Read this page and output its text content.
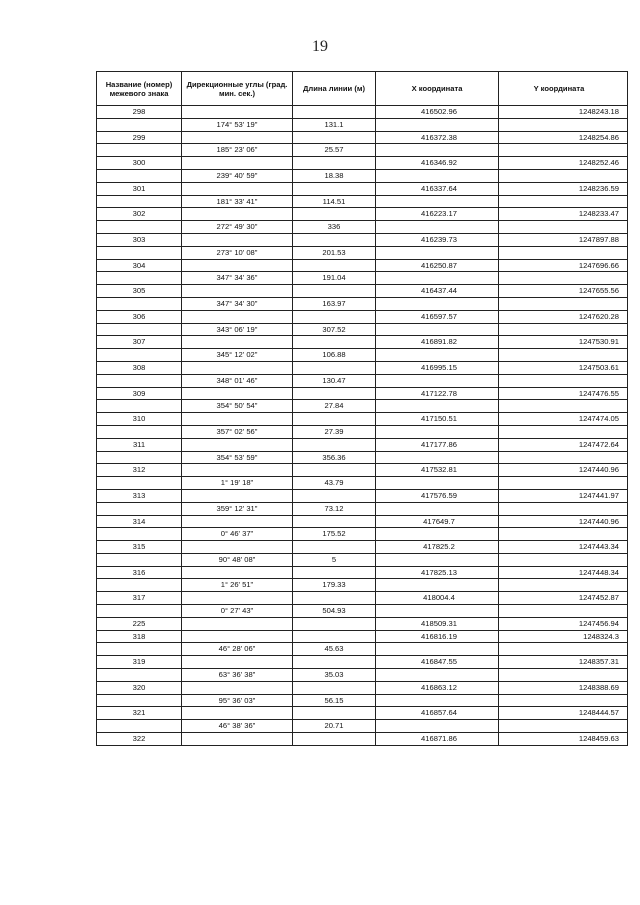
19
Название (номер) межевого знака	Дирекционные углы (град. мин. сек.)	Длина линии (м)	X координата	Y координата
298			416502.96	1248243.18
	174° 53' 19"	131.1		
299			416372.38	1248254.86
	185° 23' 06"	25.57		
300			416346.92	1248252.46
	239° 40' 59"	18.38		
301			416337.64	1248236.59
	181° 33' 41"	114.51		
302			416223.17	1248233.47
	272° 49' 30"	336		
303			416239.73	1247897.88
	273° 10' 08"	201.53		
304			416250.87	1247696.66
	347° 34' 36"	191.04		
305			416437.44	1247655.56
	347° 34' 30"	163.97		
306			416597.57	1247620.28
	343° 06' 19"	307.52		
307			416891.82	1247530.91
	345° 12' 02"	106.88		
308			416995.15	1247503.61
	348° 01' 46"	130.47		
309			417122.78	1247476.55
	354° 50' 54"	27.84		
310			417150.51	1247474.05
	357° 02' 56"	27.39		
311			417177.86	1247472.64
	354° 53' 59"	356.36		
312			417532.81	1247440.96
	1° 19' 18"	43.79		
313			417576.59	1247441.97
	359° 12' 31"	73.12		
314			417649.7	1247440.96
	0° 46' 37"	175.52		
315			417825.2	1247443.34
	90° 48' 08"	5		
316			417825.13	1247448.34
	1° 26' 51"	179.33		
317			418004.4	1247452.87
	0° 27' 43"	504.93		
225			418509.31	1247456.94
318			416816.19	1248324.3
	46° 28' 06"	45.63		
319			416847.55	1248357.31
	63° 36' 38"	35.03		
320			416863.12	1248388.69
	95° 36' 03"	56.15		
321			416857.64	1248444.57
	46° 38' 36"	20.71		
322			416871.86	1248459.63
